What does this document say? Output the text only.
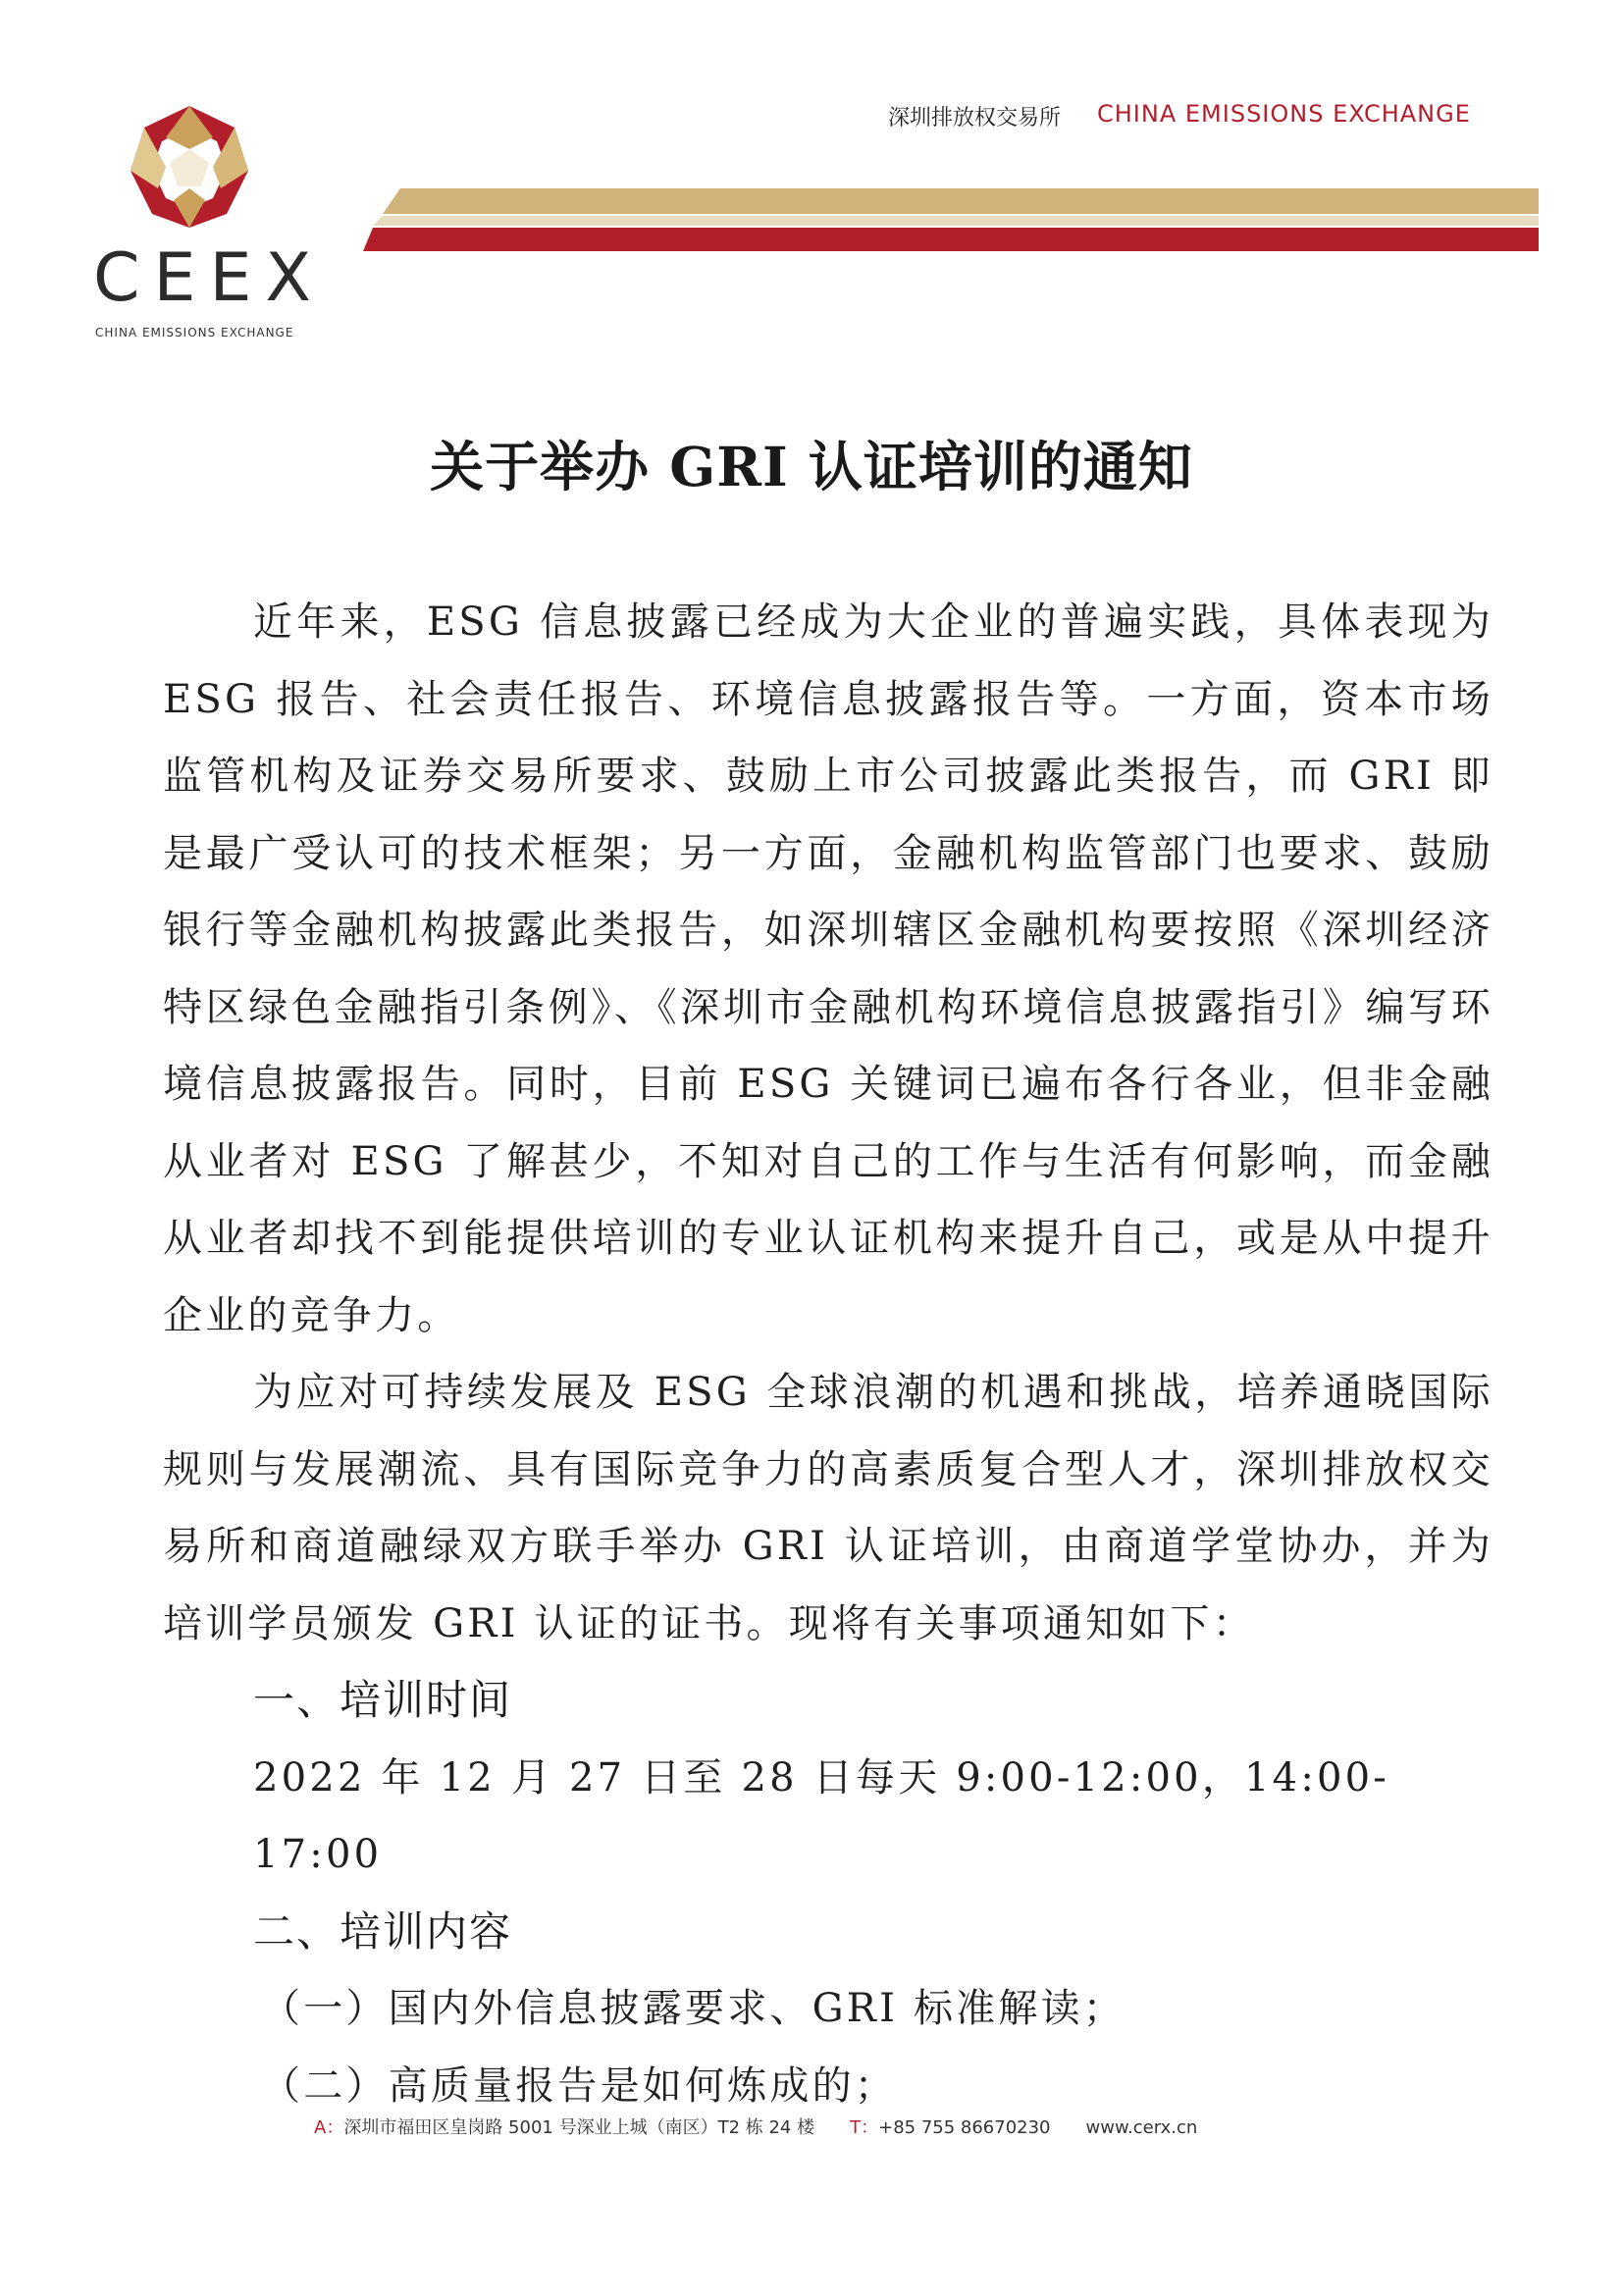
CEEX
CHINA EMISSIONS EXCHANGE
深圳排放权交易所 CHINA EMISSIONS EXCHANGE
关于举办 GRI 认证培训的通知

近年来，ESG 信息披露已经成为大企业的普遍实践，具体表现为 ESG 报告、社会责任报告、环境信息披露报告等。一方面，资本市场监管机构及证券交易所要求、鼓励上市公司披露此类报告，而 GRI 即是最广受认可的技术框架；另一方面，金融机构监管部门也要求、鼓励银行等金融机构披露此类报告，如深圳辖区金融机构要按照《深圳经济特区绿色金融指引条例》、《深圳市金融机构环境信息披露指引》编写环境信息披露报告。同时，目前 ESG 关键词已遍布各行各业，但非金融从业者对 ESG 了解甚少，不知对自己的工作与生活有何影响，而金融从业者却找不到能提供培训的专业认证机构来提升自己，或是从中提升企业的竞争力。

为应对可持续发展及 ESG 全球浪潮的机遇和挑战，培养通晓国际规则与发展潮流、具有国际竞争力的高素质复合型人才，深圳排放权交易所和商道融绿双方联手举办 GRI 认证培训，由商道学堂协办，并为培训学员颁发 GRI 认证的证书。现将有关事项通知如下：

一、培训时间

2022 年 12 月 27 日至 28 日每天 9:00-12:00，14:00-17:00

二、培训内容

（一）国内外信息披露要求、GRI 标准解读；

（二）高质量报告是如何炼成的；

A：深圳市福田区皇岗路 5001 号深业上城（南区）T2 栋 24 楼 T：+85 755 86670230 www.cerx.cn
